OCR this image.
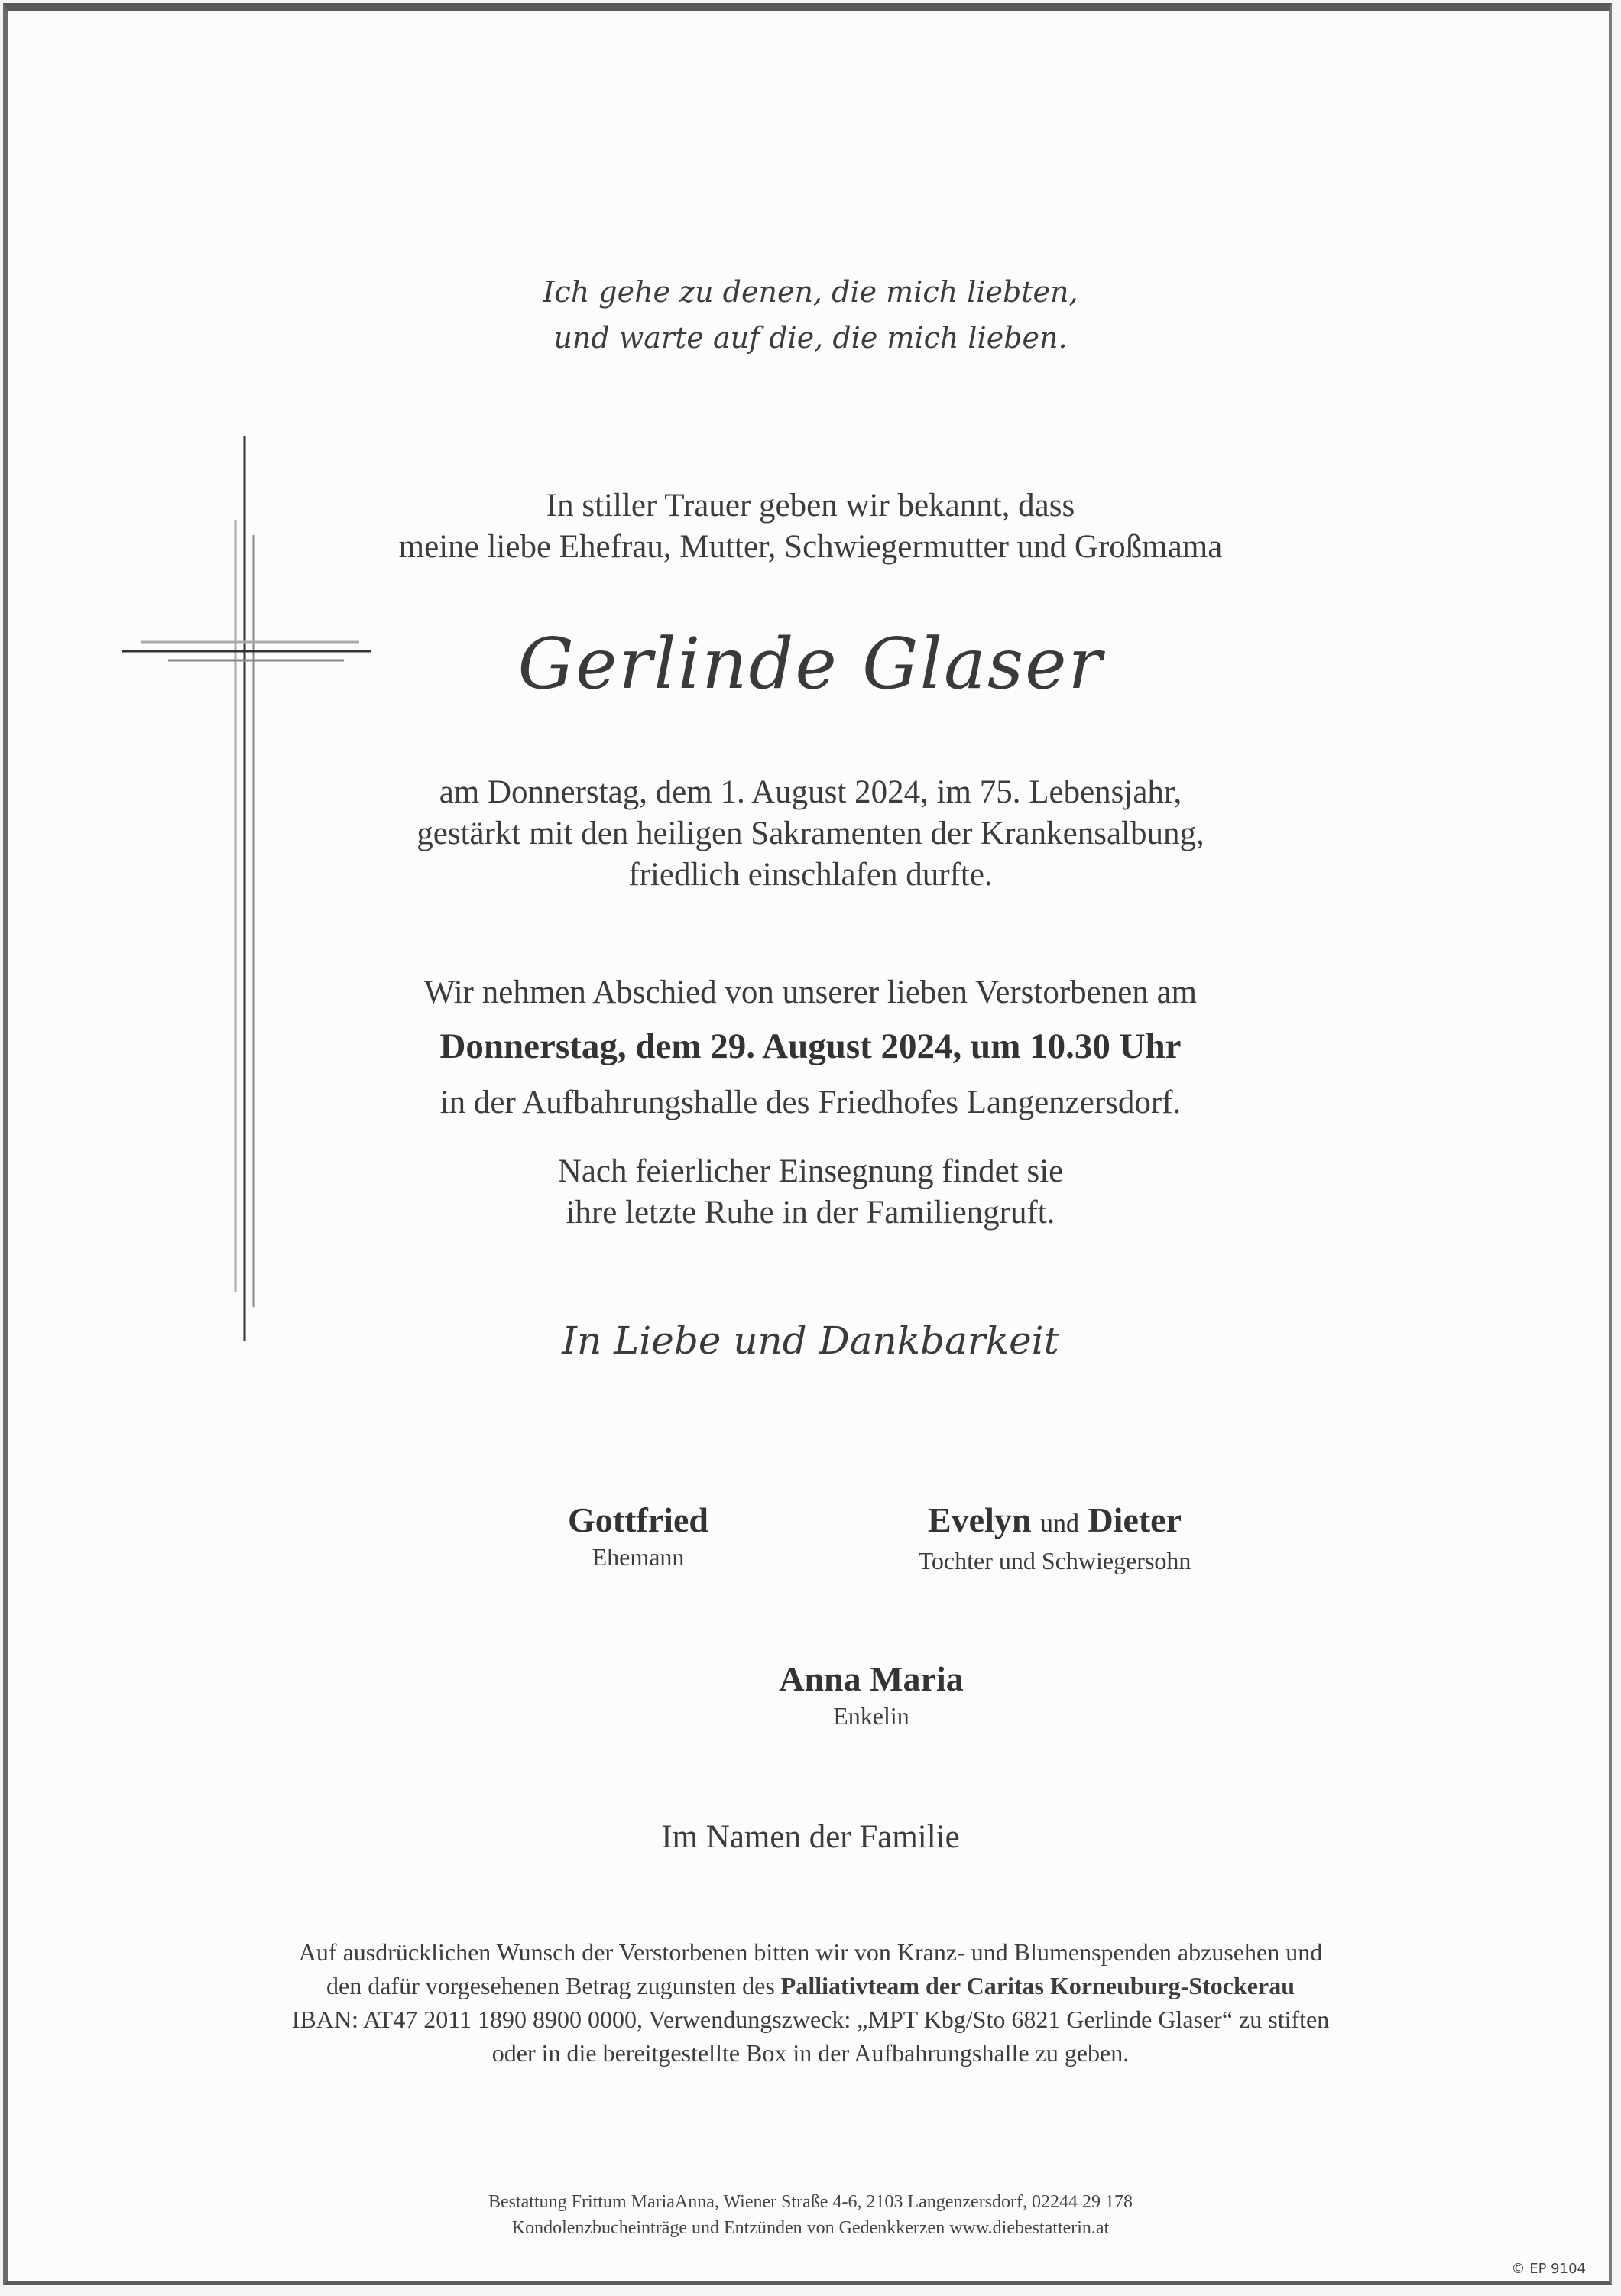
Ich gehe zu denen, die mich liebten,
und warte auf die, die mich lieben.
In stiller Trauer geben wir bekannt, dass
meine liebe Ehefrau, Mutter, Schwiegermutter und Großmama
Gerlinde Glaser
am Donnerstag, dem 1. August 2024, im 75. Lebensjahr,
gestärkt mit den heiligen Sakramenten der Krankensalbung,
friedlich einschlafen durfte.
Wir nehmen Abschied von unserer lieben Verstorbenen am
Donnerstag, dem 29. August 2024, um 10.30 Uhr
in der Aufbahrungshalle des Friedhofes Langenzersdorf.
Nach feierlicher Einsegnung findet sie
ihre letzte Ruhe in der Familiengruft.
In Liebe und Dankbarkeit
Gottfried
Ehemann
Evelyn und Dieter
Tochter und Schwiegersohn
Anna Maria
Enkelin
Im Namen der Familie
Auf ausdrücklichen Wunsch der Verstorbenen bitten wir von Kranz- und Blumenspenden abzusehen und
den dafür vorgesehenen Betrag zugunsten des Palliativteam der Caritas Korneuburg-Stockerau
IBAN: AT47 2011 1890 8900 0000, Verwendungszweck: „MPT Kbg/Sto 6821 Gerlinde Glaser“ zu stiften
oder in die bereitgestellte Box in der Aufbahrungshalle zu geben.
Bestattung Frittum MariaAnna, Wiener Straße 4-6, 2103 Langenzersdorf, 02244 29 178
Kondolenzbucheinträge und Entzünden von Gedenkkerzen www.diebestatterin.at
© EP 9104
